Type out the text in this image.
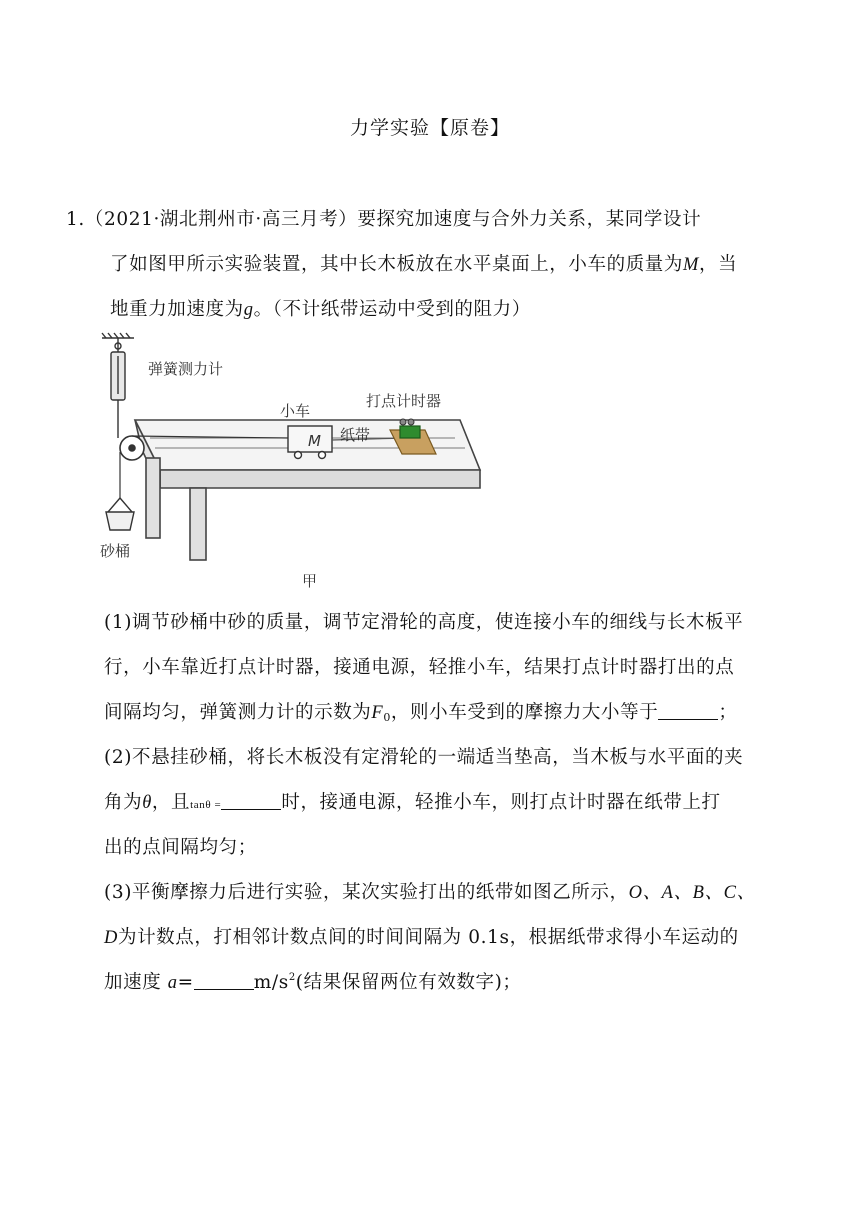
力学实验【原卷】
1.（2021·湖北荆州市·高三月考）要探究加速度与合外力关系，某同学设计
了如图甲所示实验装置，其中长木板放在水平桌面上，小车的质量为M，当
地重力加速度为g。（不计纸带运动中受到的阻力）
M
弹簧测力计
小车
打点计时器
纸带
砂桶
甲
(1)调节砂桶中砂的质量，调节定滑轮的高度，使连接小车的细线与长木板平
行，小车靠近打点计时器，接通电源，轻推小车，结果打点计时器打出的点
间隔均匀，弹簧测力计的示数为$F_0$，则小车受到的摩擦力大小等于	；
(2)不悬挂砂桶，将长木板没有定滑轮的一端适当垫高，当木板与水平面的夹
角为θ，且tanθ =	时，接通电源，轻推小车，则打点计时器在纸带上打
出的点间隔均匀；
(3)平衡摩擦力后进行实验，某次实验打出的纸带如图乙所示，O、A、B、C、
D为计数点，打相邻计数点间的时间间隔为 0.1s，根据纸带求得小车运动的
加速度 a=	$m/s^2$(结果保留两位有效数字)；
